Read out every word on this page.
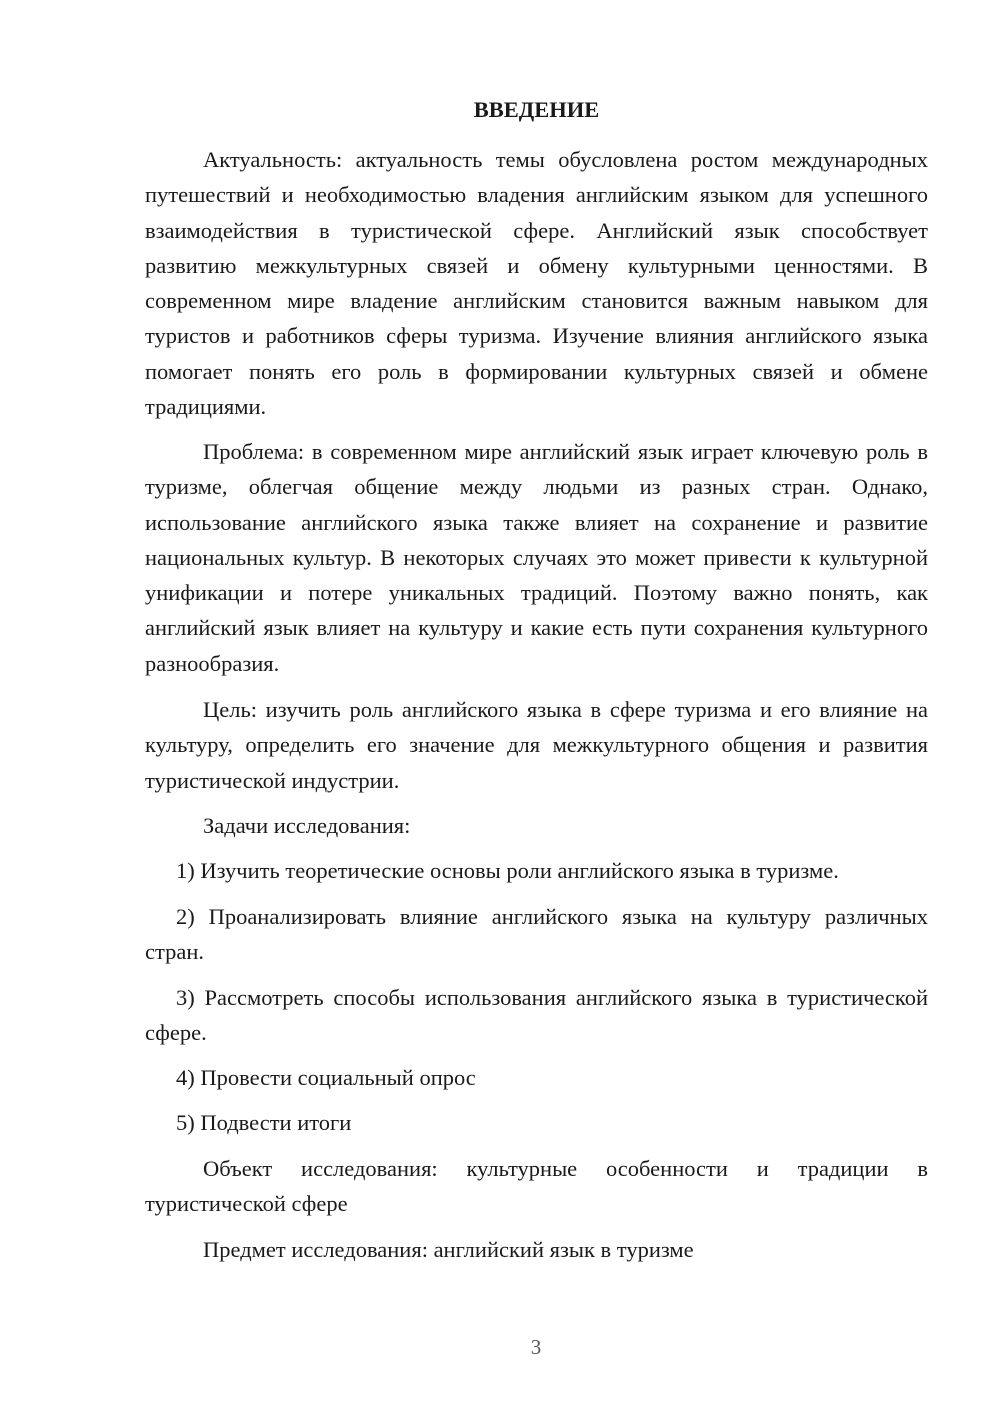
ВВЕДЕНИЕ
Актуальность: актуальность темы обусловлена ростом международных путешествий и необходимостью владения английским языком для успешного взаимодействия в туристической сфере. Английский язык способствует развитию межкультурных связей и обмену культурными ценностями. В современном мире владение английским становится важным навыком для туристов и работников сферы туризма. Изучение влияния английского языка помогает понять его роль в формировании культурных связей и обмене традициями.
Проблема: в современном мире английский язык играет ключевую роль в туризме, облегчая общение между людьми из разных стран. Однако, использование английского языка также влияет на сохранение и развитие национальных культур. В некоторых случаях это может привести к культурной унификации и потере уникальных традиций. Поэтому важно понять, как английский язык влияет на культуру и какие есть пути сохранения культурного разнообразия.
Цель: изучить роль английского языка в сфере туризма и его влияние на культуру, определить его значение для межкультурного общения и развития туристической индустрии.
Задачи исследования:
1) Изучить теоретические основы роли английского языка в туризме.
2) Проанализировать влияние английского языка на культуру различных стран.
3) Рассмотреть способы использования английского языка в туристической сфере.
4) Провести социальный опрос
5) Подвести итоги
Объект исследования: культурные особенности и традиции в туристической сфере
Предмет исследования: английский язык в туризме
3
